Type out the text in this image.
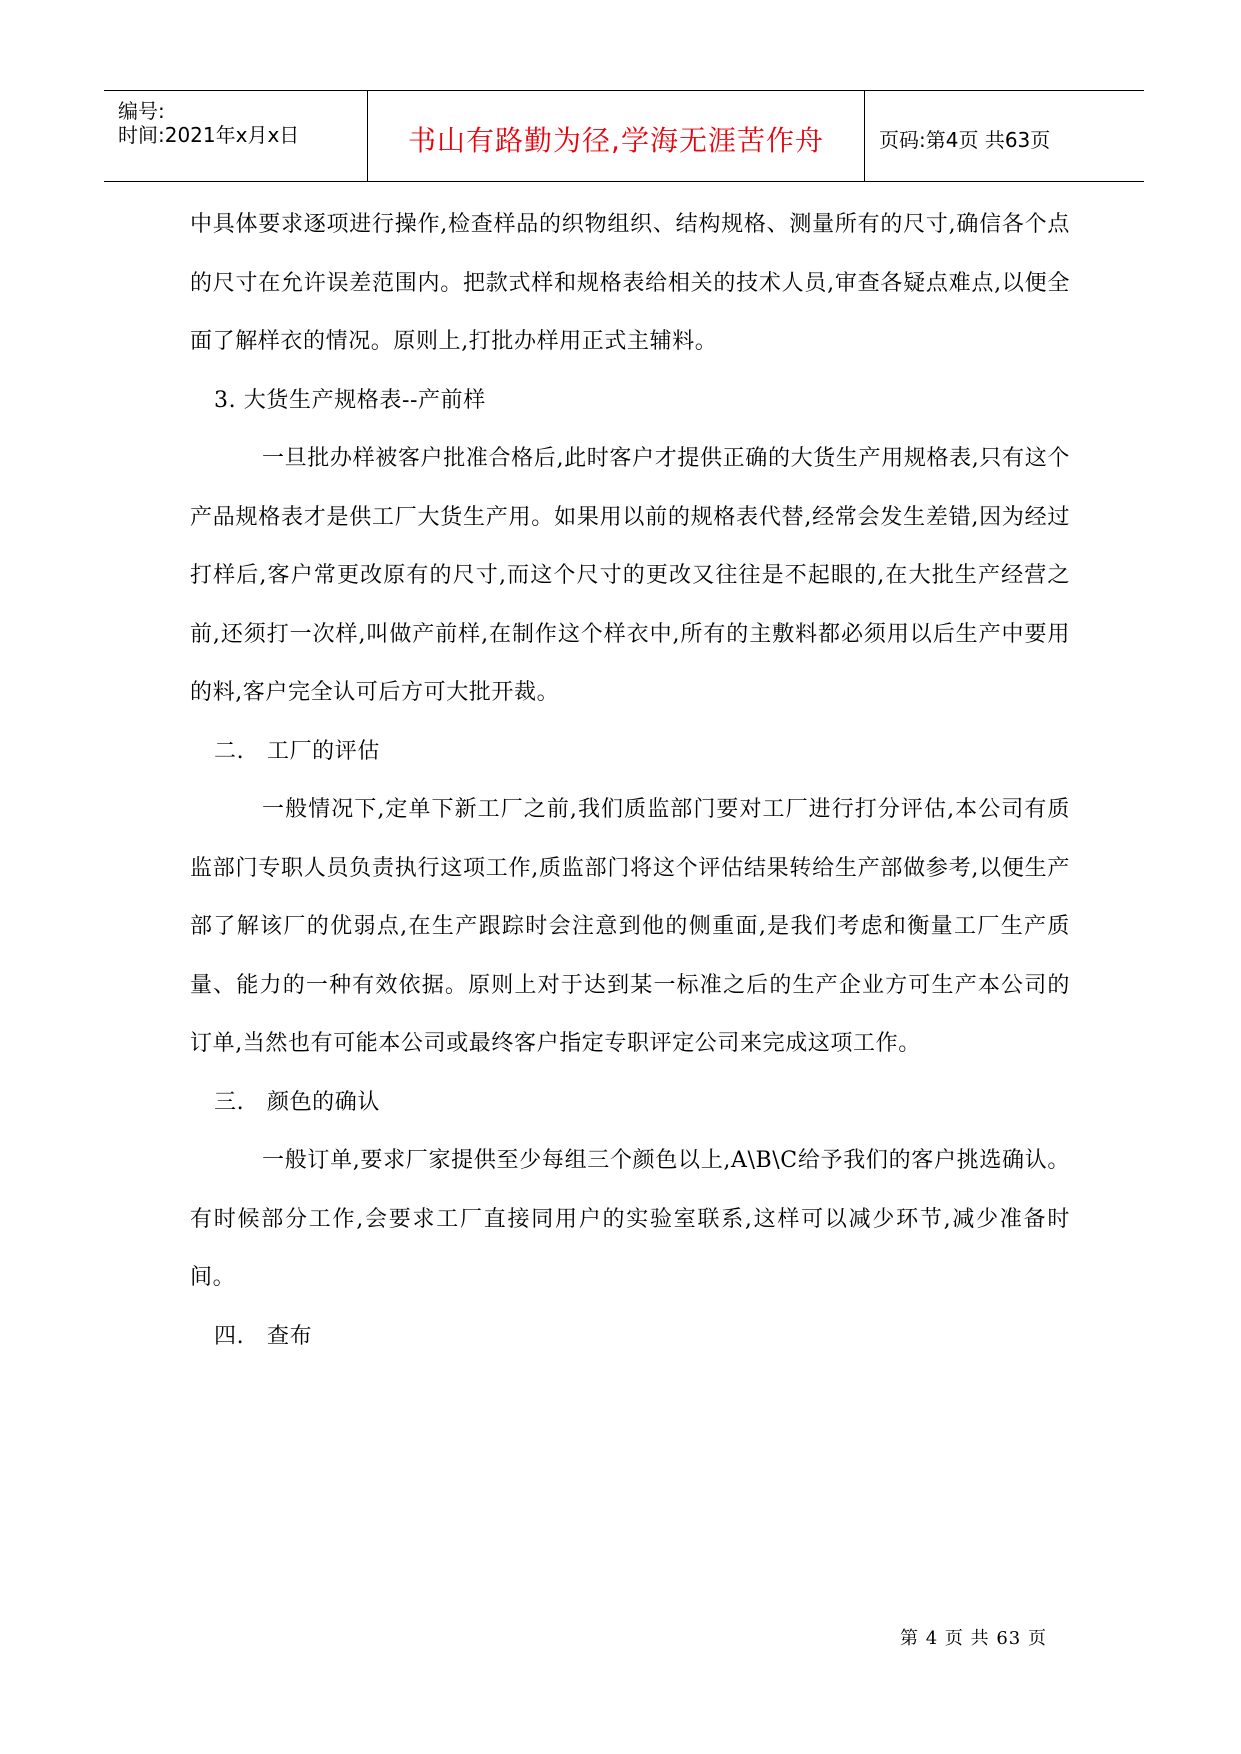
编号:
时间:2021年x月x日	书山有路勤为径,学海无涯苦作舟	页码:第4页 共63页

中具体要求逐项进行操作,检查样品的织物组织、结构规格、测量所有的尺寸,确信各个点的尺寸在允许误差范围内。把款式样和规格表给相关的技术人员,审查各疑点难点,以便全面了解样衣的情况。原则上,打批办样用正式主辅料。

3. 大货生产规格表--产前样

一旦批办样被客户批准合格后,此时客户才提供正确的大货生产用规格表,只有这个产品规格表才是供工厂大货生产用。如果用以前的规格表代替,经常会发生差错,因为经过打样后,客户常更改原有的尺寸,而这个尺寸的更改又往往是不起眼的,在大批生产经营之前,还须打一次样,叫做产前样,在制作这个样衣中,所有的主敷料都必须用以后生产中要用的料,客户完全认可后方可大批开裁。

二.   工厂的评估

一般情况下,定单下新工厂之前,我们质监部门要对工厂进行打分评估,本公司有质监部门专职人员负责执行这项工作,质监部门将这个评估结果转给生产部做参考,以便生产部了解该厂的优弱点,在生产跟踪时会注意到他的侧重面,是我们考虑和衡量工厂生产质量、能力的一种有效依据。原则上对于达到某一标准之后的生产企业方可生产本公司的订单,当然也有可能本公司或最终客户指定专职评定公司来完成这项工作。

三.   颜色的确认

一般订单,要求厂家提供至少每组三个颜色以上,A\B\C给予我们的客户挑选确认。有时候部分工作,会要求工厂直接同用户的实验室联系,这样可以减少环节,减少准备时间。

四.   查布

第 4 页 共 63 页
